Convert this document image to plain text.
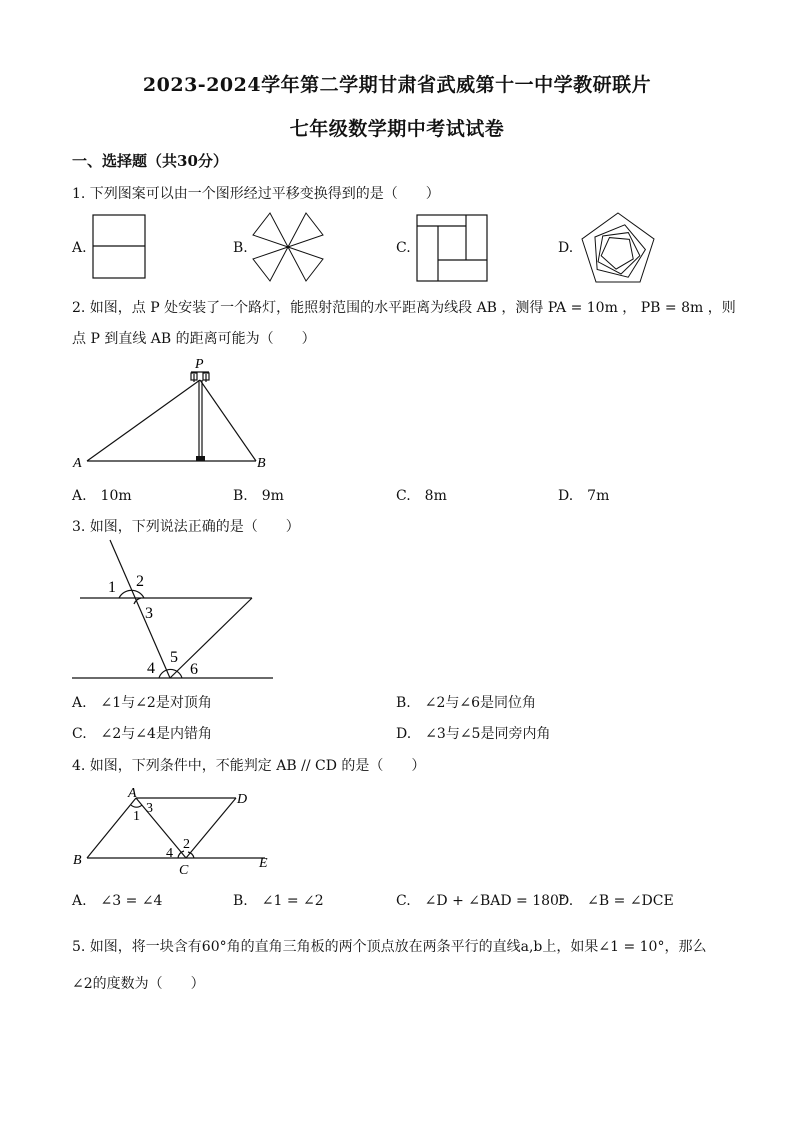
2023-2024学年第二学期甘肃省武威第十一中学教研联片
七年级数学期中考试试卷
一、选择题（共30分）
1. 下列图案可以由一个图形经过平移变换得到的是（　　）
A.	B.	C.	D.
2. 如图，点 P 处安装了一个路灯，能照射范围的水平距离为线段 AB ，测得 PA = 10m ， PB = 8m ，则
点 P 到直线 AB 的距离可能为（　　）
P
A	B
A.　10m	B.　9m	C.　8m	D.　7m
3. 如图，下列说法正确的是（　　）
1 2
3
4
5
6
A.　∠1与∠2是对顶角	B.　∠2与∠6是同位角
C.　∠2与∠4是内错角	D.　∠3与∠5是同旁内角
4. 如图，下列条件中，不能判定 AB // CD 的是（　　）
A	D
B
C	E
1
3
2
4
A.　∠3 = ∠4	B.　∠1 = ∠2	C.　∠D + ∠BAD = 180°
D.　∠B = ∠DCE
5. 如图，将一块含有60°角的直角三角板的两个顶点放在两条平行的直线a,b上，如果∠1 = 10°，那么
∠2的度数为（　　）
